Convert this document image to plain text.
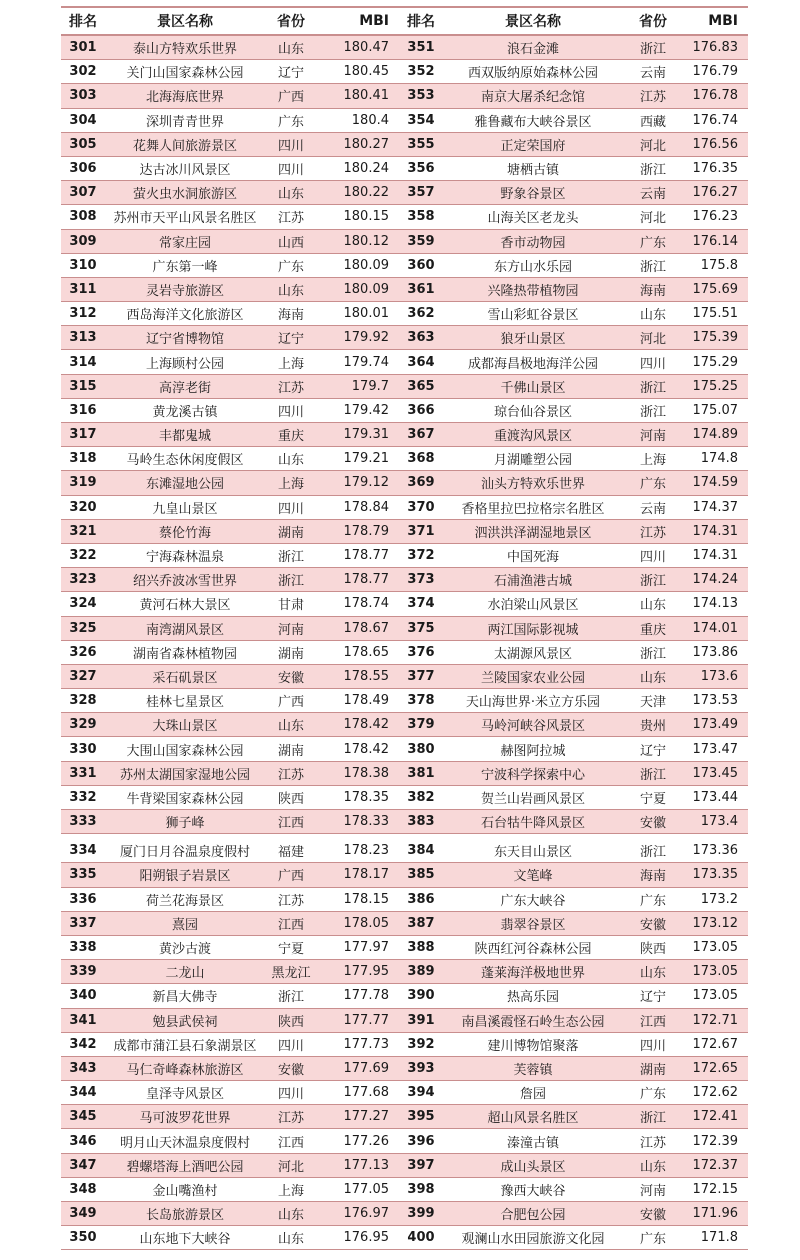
排名	景区名称	省份	MBI	排名	景区名称	省份	MBI
301	泰山方特欢乐世界	山东	180.47	351	浪石金滩	浙江	176.83
302	关门山国家森林公园	辽宁	180.45	352	西双版纳原始森林公园	云南	176.79
303	北海海底世界	广西	180.41	353	南京大屠杀纪念馆	江苏	176.78
304	深圳青青世界	广东	180.4	354	雅鲁藏布大峡谷景区	西藏	176.74
305	花舞人间旅游景区	四川	180.27	355	正定荣国府	河北	176.56
306	达古冰川风景区	四川	180.24	356	塘栖古镇	浙江	176.35
307	萤火虫水洞旅游区	山东	180.22	357	野象谷景区	云南	176.27
308	苏州市天平山风景名胜区	江苏	180.15	358	山海关区老龙头	河北	176.23
309	常家庄园	山西	180.12	359	香市动物园	广东	176.14
310	广东第一峰	广东	180.09	360	东方山水乐园	浙江	175.8
311	灵岩寺旅游区	山东	180.09	361	兴隆热带植物园	海南	175.69
312	西岛海洋文化旅游区	海南	180.01	362	雪山彩虹谷景区	山东	175.51
313	辽宁省博物馆	辽宁	179.92	363	狼牙山景区	河北	175.39
314	上海顾村公园	上海	179.74	364	成都海昌极地海洋公园	四川	175.29
315	高淳老街	江苏	179.7	365	千佛山景区	浙江	175.25
316	黄龙溪古镇	四川	179.42	366	琼台仙谷景区	浙江	175.07
317	丰都鬼城	重庆	179.31	367	重渡沟风景区	河南	174.89
318	马岭生态休闲度假区	山东	179.21	368	月湖雕塑公园	上海	174.8
319	东滩湿地公园	上海	179.12	369	汕头方特欢乐世界	广东	174.59
320	九皇山景区	四川	178.84	370	香格里拉巴拉格宗名胜区	云南	174.37
321	蔡伦竹海	湖南	178.79	371	泗洪洪泽湖湿地景区	江苏	174.31
322	宁海森林温泉	浙江	178.77	372	中国死海	四川	174.31
323	绍兴乔波冰雪世界	浙江	178.77	373	石浦渔港古城	浙江	174.24
324	黄河石林大景区	甘肃	178.74	374	水泊梁山风景区	山东	174.13
325	南湾湖风景区	河南	178.67	375	两江国际影视城	重庆	174.01
326	湖南省森林植物园	湖南	178.65	376	太湖源风景区	浙江	173.86
327	采石矶景区	安徽	178.55	377	兰陵国家农业公园	山东	173.6
328	桂林七星景区	广西	178.49	378	天山海世界·米立方乐园	天津	173.53
329	大珠山景区	山东	178.42	379	马岭河峡谷风景区	贵州	173.49
330	大围山国家森林公园	湖南	178.42	380	赫图阿拉城	辽宁	173.47
331	苏州太湖国家湿地公园	江苏	178.38	381	宁波科学探索中心	浙江	173.45
332	牛背梁国家森林公园	陕西	178.35	382	贺兰山岩画风景区	宁夏	173.44
333	狮子峰	江西	178.33	383	石台牯牛降风景区	安徽	173.4
334	厦门日月谷温泉度假村	福建	178.23	384	东天目山景区	浙江	173.36
335	阳朔银子岩景区	广西	178.17	385	文笔峰	海南	173.35
336	荷兰花海景区	江苏	178.15	386	广东大峡谷	广东	173.2
337	熹园	江西	178.05	387	翡翠谷景区	安徽	173.12
338	黄沙古渡	宁夏	177.97	388	陕西红河谷森林公园	陕西	173.05
339	二龙山	黑龙江	177.95	389	蓬莱海洋极地世界	山东	173.05
340	新昌大佛寺	浙江	177.78	390	热高乐园	辽宁	173.05
341	勉县武侯祠	陕西	177.77	391	南昌溪霞怪石岭生态公园	江西	172.71
342	成都市蒲江县石象湖景区	四川	177.73	392	建川博物馆聚落	四川	172.67
343	马仁奇峰森林旅游区	安徽	177.69	393	芙蓉镇	湖南	172.65
344	皇泽寺风景区	四川	177.68	394	詹园	广东	172.62
345	马可波罗花世界	江苏	177.27	395	超山风景名胜区	浙江	172.41
346	明月山天沐温泉度假村	江西	177.26	396	溱潼古镇	江苏	172.39
347	碧螺塔海上酒吧公园	河北	177.13	397	成山头景区	山东	172.37
348	金山嘴渔村	上海	177.05	398	豫西大峡谷	河南	172.15
349	长岛旅游景区	山东	176.97	399	合肥包公园	安徽	171.96
350	山东地下大峡谷	山东	176.95	400	观澜山水田园旅游文化园	广东	171.8
